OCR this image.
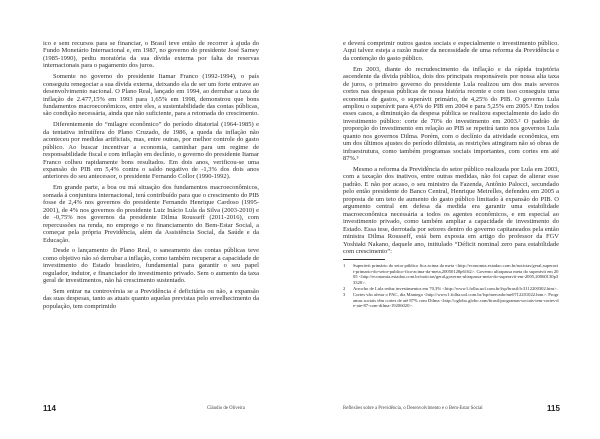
ico e sem recursos para se financiar, o Brasil teve então de recorrer à ajuda do Fundo Monetário Internacional e, em 1987, no governo do presidente José Sarney (1985-1990), pediu moratória da sua dívida externa por falta de reservas internacionais para o pagamento dos juros.

Somente no governo do presidente Itamar Franco (1992-1994), o país conseguiu renegociar a sua dívida externa, deixando ela de ser um forte entrave ao desenvolvimento nacional. O Plano Real, lançado em 1994, ao derrubar a taxa de inflação de 2.477,15% em 1993 para 1,65% em 1998, demonstrou que bons fundamentos macroeconômicos, entre eles, a sustentabilidade das contas públicas, são condição necessária, ainda que não suficiente, para a retomada do crescimento.

Diferentemente do “milagre econômico” do período ditatorial (1964-1985) e da tentativa infrutífera do Plano Cruzado, de 1986, a queda da inflação não aconteceu por medidas artificiais, mas, entre outras, por melhor controle do gasto público. Ao buscar incentivar a economia, caminhar para um regime de responsabilidade fiscal e com inflação em declínio, o governo do presidente Itamar Franco colheu rapidamente bons resultados. Em dois anos, verificou-se uma expansão do PIB em 5,4% contra o saldo negativo de -1,3% dos dois anos anteriores do seu antecessor, o presidente Fernando Collor (1990-1992).

Em grande parte, a boa ou má situação dos fundamentos macroeconômicos, somada à conjuntura internacional, terá contribuído para que o crescimento do PIB fosse de 2,4% nos governos do presidente Fernando Henrique Cardoso (1995-2001), de 4% nos governos do presidente Luiz Inácio Lula da Silva (2003-2010) e de -0,75% nos governos da presidente Dilma Rousseff (2011-2016), com repercussões na renda, no emprego e no financiamento do Bem-Estar Social, a começar pela própria Previdência, além da Assistência Social, da Saúde e da Educação.

Desde o lançamento do Plano Real, o saneamento das contas públicas teve como objetivo não só derrubar a inflação, como também recuperar a capacidade de investimento do Estado brasileiro, fundamental para garantir o seu papel regulador, indutor, e financiador do investimento privado. Sem o aumento da taxa geral de investimentos, não há crescimento sustentado.

Sem entrar na controvérsia se a Previdência é deficitária ou não, a expansão das suas despesas, tanto as atuais quanto aquelas previstas pelo envelhecimento da população, tem comprimido

114	Cláudio de Oliveira

e deverá comprimir outros gastos sociais e especialmente o investimento público. Aqui talvez esteja a razão maior da necessidade de uma reforma da Previdência e da contenção do gasto público.

Em 2003, diante do recrudescimento da inflação e da rápida trajetória ascendente da dívida pública, dois dos principais responsáveis por nossa alta taxa de juros, o primeiro governo do presidente Lula realizou um dos mais severos cortes nas despesas públicas de nossa história recente e com isso conseguiu uma economia de gastos, o superávit primário, de 4,25% do PIB. O governo Lula ampliou o superávit para 4,6% do PIB em 2004 e para 5,25% em 2005.¹ Em todos esses casos, a diminuição da despesa pública se realizou especialmente do lado do investimento público: corte de 70% do investimento em 2003.² O padrão de proporção do investimento em relação ao PIB se repetirá tanto nos governos Lula quanto nos governos Dilma. Porém, com o declínio da atividade econômica, em um dos últimos ajustes do período dilmista, as restrições atingiram não só obras de infraestrutura, como também programas sociais importantes, com cortes em até 87%.³

Mesmo a reforma da Previdência do setor público realizada por Lula em 2003, com a taxação dos inativos, entre outras medidas, não foi capaz de alterar esse padrão. E não por acaso, o seu ministro da Fazenda, Antônio Palocci, secundado pelo então presidente do Banco Central, Henrique Meirelles, defendeu em 2005 a proposta de um teto de aumento do gasto público limitado à expansão do PIB. O argumento central em defesa da medida era garantir uma estabilidade macroeconômica necessária a todos os agentes econômicos, e em especial ao investimento privado, como também ampliar a capacidade de investimento do Estado. Essa tese, derrotada por setores dentro do governo capitaneados pela então ministra Dilma Rousseff, está bem exposta em artigo do professor da FGV Yoshiaki Nakano, daquele ano, intitulado “Déficit nominal zero para estabilidade com crescimento”:

1	Superávit primário do setor público fica acima da meta <http://economia.estadao.com.br/noticias/geral,superavit-primario-do-setor-publico-fica-acima-da-meta,20050128p6162>. Governo ultrapassa meta do superávit em 2005 <http://economia.estadao.com.br/noticias/geral,governo-ultrapassa-meta-do-superavit-em-2005,20060130p33320>.
2	Arrocho de Lula reduz investimentos em 70,3% <http://www1.folha.uol.com.br/fsp/brasil/fc3112200302.htm>.
3	Cortes vão afetar o PAC, diz Mantega <http://www1.folha.uol.com.br/fsp/mercado/me0712201022.htm>. Programas sociais têm cortes de até 87% com Dilma <http://oglobo.globo.com/brasil/programas-sociais-tem-cortes-de-ate-87-com-dilma-19206020>.
Reflexões sobre a Previdência, o Desenvolvimento e o Bem-Estar Social	115
